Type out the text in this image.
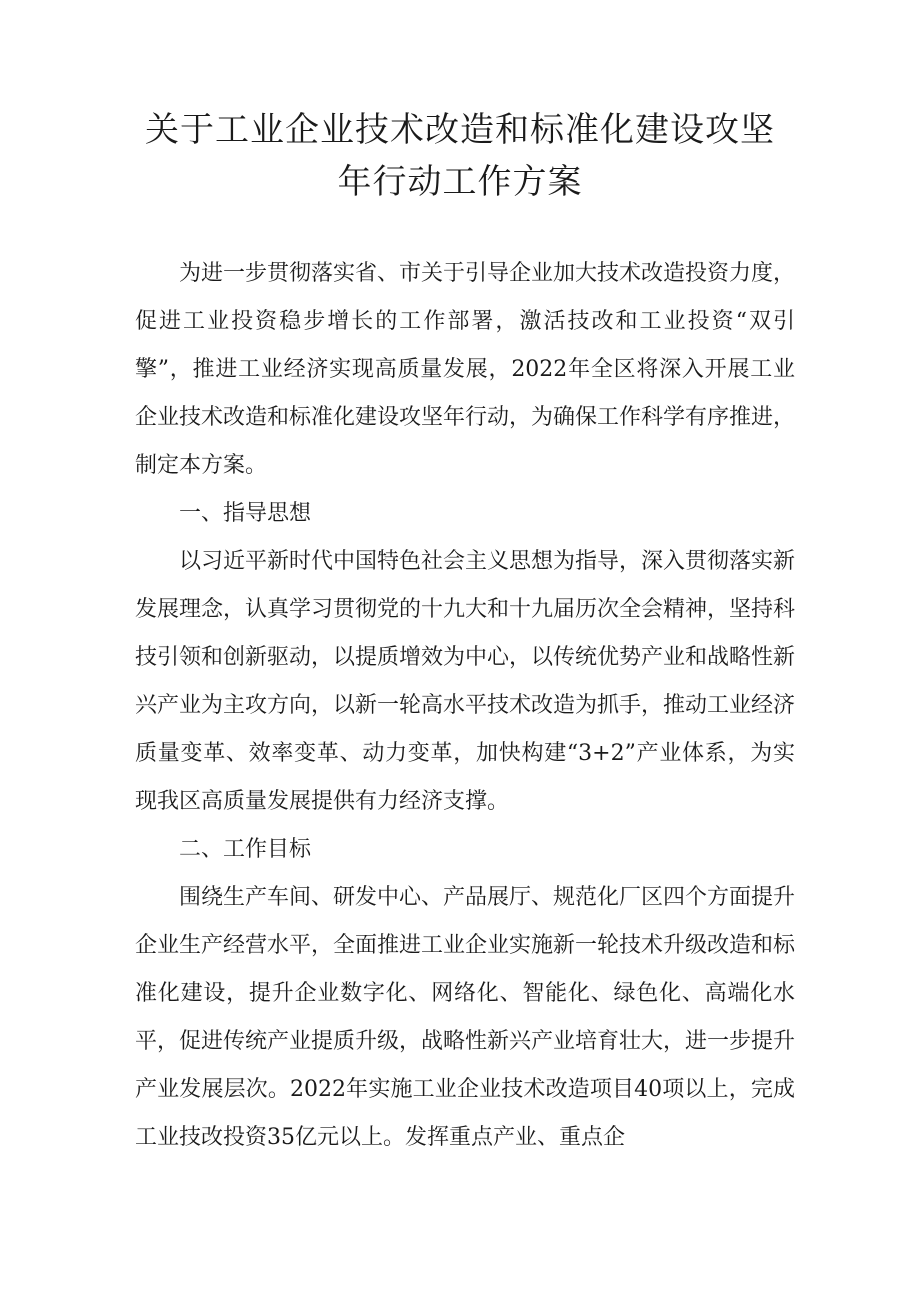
关于工业企业技术改造和标准化建设攻坚
年行动工作方案

为进一步贯彻落实省、市关于引导企业加大技术改造投资力度，促进工业投资稳步增长的工作部署，激活技改和工业投资“双引擎”，推进工业经济实现高质量发展，2022年全区将深入开展工业企业技术改造和标准化建设攻坚年行动，为确保工作科学有序推进，制定本方案。

一、指导思想

以习近平新时代中国特色社会主义思想为指导，深入贯彻落实新发展理念，认真学习贯彻党的十九大和十九届历次全会精神，坚持科技引领和创新驱动，以提质增效为中心，以传统优势产业和战略性新兴产业为主攻方向，以新一轮高水平技术改造为抓手，推动工业经济质量变革、效率变革、动力变革，加快构建“3+2”产业体系，为实现我区高质量发展提供有力经济支撑。

二、工作目标

围绕生产车间、研发中心、产品展厅、规范化厂区四个方面提升企业生产经营水平，全面推进工业企业实施新一轮技术升级改造和标准化建设，提升企业数字化、网络化、智能化、绿色化、高端化水平，促进传统产业提质升级，战略性新兴产业培育壮大，进一步提升产业发展层次。2022年实施工业企业技术改造项目40项以上，完成工业技改投资35亿元以上。发挥重点产业、重点企
